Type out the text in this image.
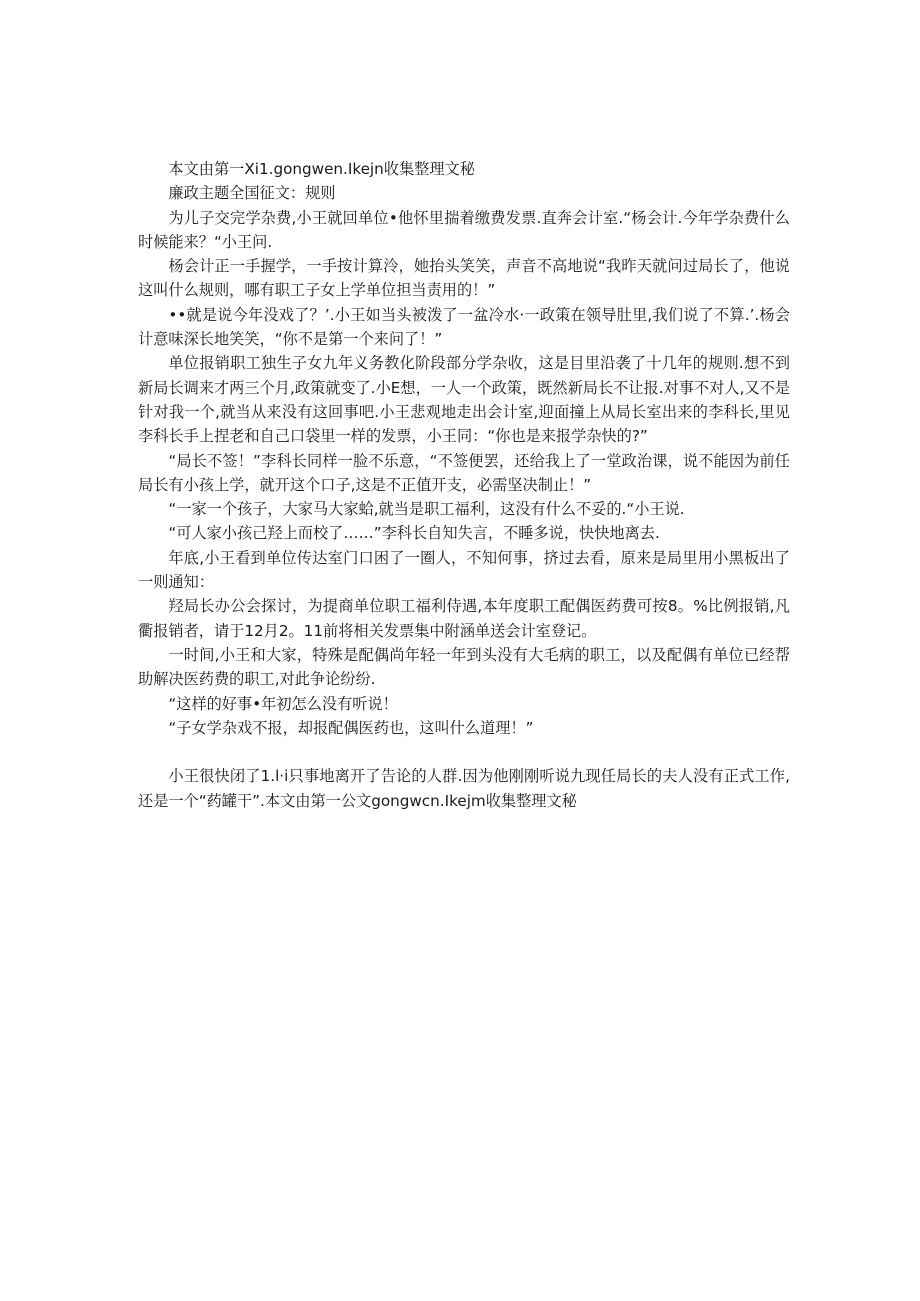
本文由第一Xi1.gongwen.Ikejn收集整理文秘

廉政主题全国征文：规则

为儿子交完学杂费,小王就回单位•他怀里揣着缴费发票.直奔会计室.“杨会计.今年学杂费什么时候能来？“小王问.

杨会计正一手握学，一手按计算泠，她抬头笑笑，声音不高地说“我昨天就问过局长了，他说这叫什么规则，哪有职工子女上学单位担当责用的！”

••就是说今年没戏了？’.小王如当头被泼了一盆冷水·一政策在领导肚里,我们说了不算.’.杨会计意味深长地笑笑，“你不是第一个来问了！”

单位报销职工独生子女九年义务教化阶段部分学杂收，这是目里沿袭了十几年的规则.想不到新局长调来才两三个月,政策就变了.小E想，一人一个政策，既然新局长不让报.对事不对人,又不是针对我一个,就当从来没有这回事吧.小王悲观地走出会计室,迎面撞上从局长室出来的李科长,里见李科长手上捏老和自己口袋里一样的发票，小王同：“你也是来报学杂快的?”

“局长不签！”李科长同样一脸不乐意，“不签便罢，还给我上了一堂政治课，说不能因为前任局长有小孩上学，就开这个口子,这是不正值开支，必需坚决制止！”

“一家一个孩子，大家马大家蛤,就当是职工福利，这没有什么不妥的.“小王说.

“可人家小孩己羟上而校了……”李科长自知失言，不睡多说，快快地离去.

年底,小王看到单位传达室门口困了一圈人，不知何事，挤过去看，原来是局里用小黑板出了一则通知：

羟局长办公会探讨，为提商单位职工福利侍遇,本年度职工配偶医药费可按8。%比例报销,凡衢报销者，请于12月2。11前将相关发票集中附涵单送会计室登记。

一时间,小王和大家，特殊是配偶尚年轻一年到头没有大毛病的职工，以及配偶有单位已经帮助解决医药费的职工,对此争论纷纷.

“这样的好事•年初怎么没有听说！

“子女学杂戏不报，却报配偶医药也，这叫什么道理！”

小王很快闭了1.l·i只事地离开了告论的人群.因为他刚刚听说九现任局长的夫人没有正式工作,还是一个“药罐干”.本文由第一公文gongwcn.Ikejm收集整理文秘
